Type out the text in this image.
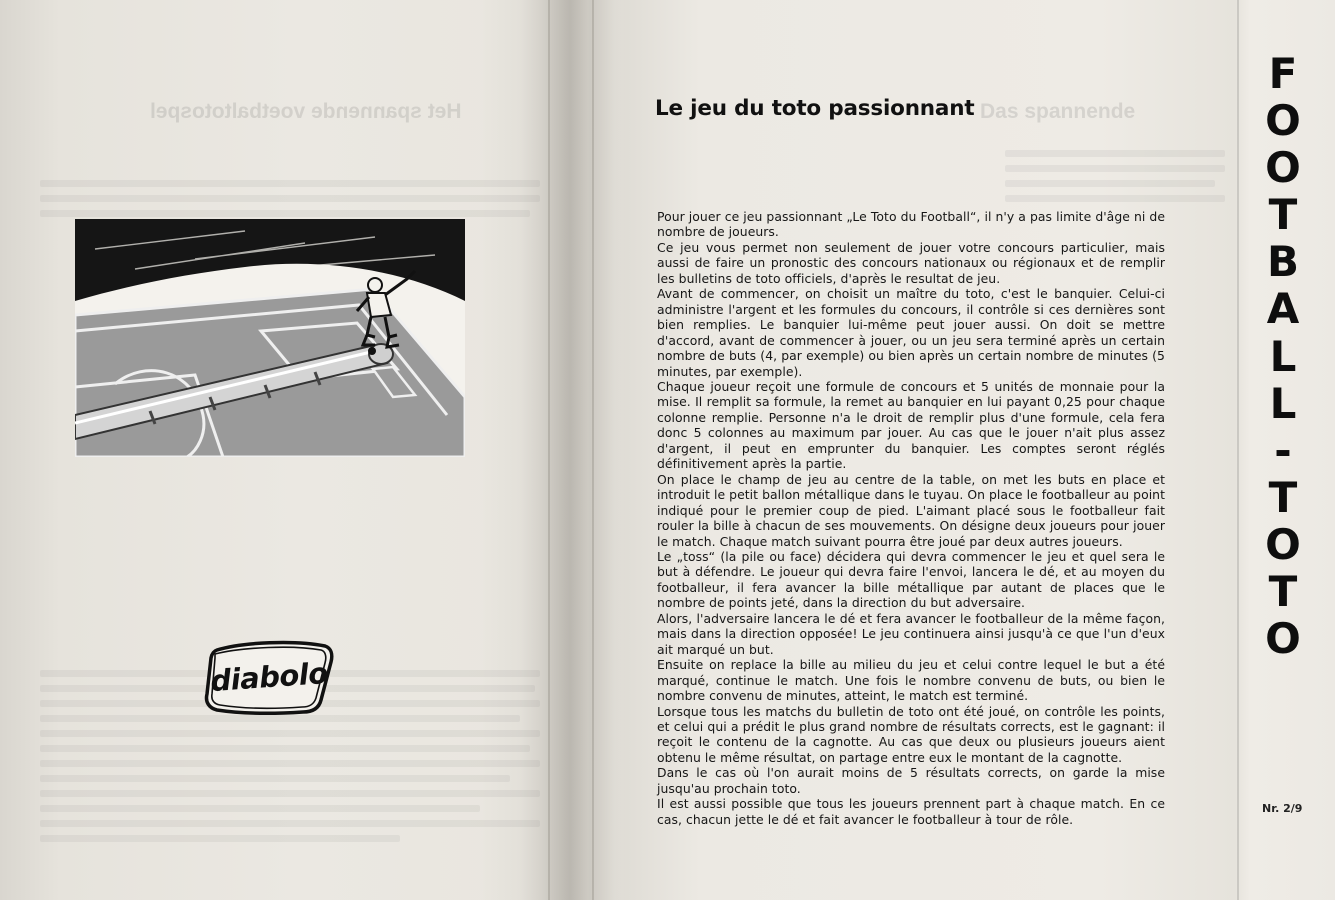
Het spannende voetbaltotospel	Das spannende
diabolo
Le jeu du toto passionnant

Pour jouer ce jeu passionnant „Le Toto du Football“, il n'y a pas limite d'âge ni de nombre de joueurs.

Ce jeu vous permet non seulement de jouer votre concours particulier, mais aussi de faire un pronostic des concours nationaux ou régionaux et de remplir les bulletins de toto officiels, d'après le resultat de jeu.

Avant de commencer, on choisit un maître du toto, c'est le banquier. Celui-ci administre l'argent et les formules du concours, il contrôle si ces dernières sont bien remplies. Le banquier lui-même peut jouer aussi. On doit se mettre d'accord, avant de commencer à jouer, ou un jeu sera terminé après un certain nombre de buts (4, par exemple) ou bien après un certain nombre de minutes (5 minutes, par exemple).

Chaque joueur reçoit une formule de concours et 5 unités de monnaie pour la mise. Il remplit sa formule, la remet au banquier en lui payant 0,25 pour chaque colonne remplie. Personne n'a le droit de remplir plus d'une formule, cela fera donc 5 colonnes au maximum par jouer. Au cas que le jouer n'ait plus assez d'argent, il peut en emprunter du banquier. Les comptes seront réglés définitivement après la partie.

On place le champ de jeu au centre de la table, on met les buts en place et introduit le petit ballon métallique dans le tuyau. On place le footballeur au point indiqué pour le premier coup de pied. L'aimant placé sous le footballeur fait rouler la bille à chacun de ses mouvements. On désigne deux joueurs pour jouer le match. Chaque match suivant pourra être joué par deux autres joueurs.

Le „toss“ (la pile ou face) décidera qui devra commencer le jeu et quel sera le but à défendre. Le joueur qui devra faire l'envoi, lancera le dé, et au moyen du footballeur, il fera avancer la bille métallique par autant de places que le nombre de points jeté, dans la direction du but adversaire.

Alors, l'adversaire lancera le dé et fera avancer le footballeur de la même façon, mais dans la direction opposée! Le jeu continuera ainsi jusqu'à ce que l'un d'eux ait marqué un but.

Ensuite on replace la bille au milieu du jeu et celui contre lequel le but a été marqué, continue le match. Une fois le nombre convenu de buts, ou bien le nombre convenu de minutes, atteint, le match est terminé.

Lorsque tous les matchs du bulletin de toto ont été joué, on contrôle les points, et celui qui a prédit le plus grand nombre de résultats corrects, est le gagnant: il reçoit le contenu de la cagnotte. Au cas que deux ou plusieurs joueurs aient obtenu le même résultat, on partage entre eux le montant de la cagnotte.

Dans le cas où l'on aurait moins de 5 résultats corrects, on garde la mise jusqu'au prochain toto.

Il est aussi possible que tous les joueurs prennent part à chaque match. En ce cas, chacun jette le dé et fait avancer le footballeur à tour de rôle.

F
O
O
T
B
A
L
L
-
T
O
T
O
Nr. 2/9
